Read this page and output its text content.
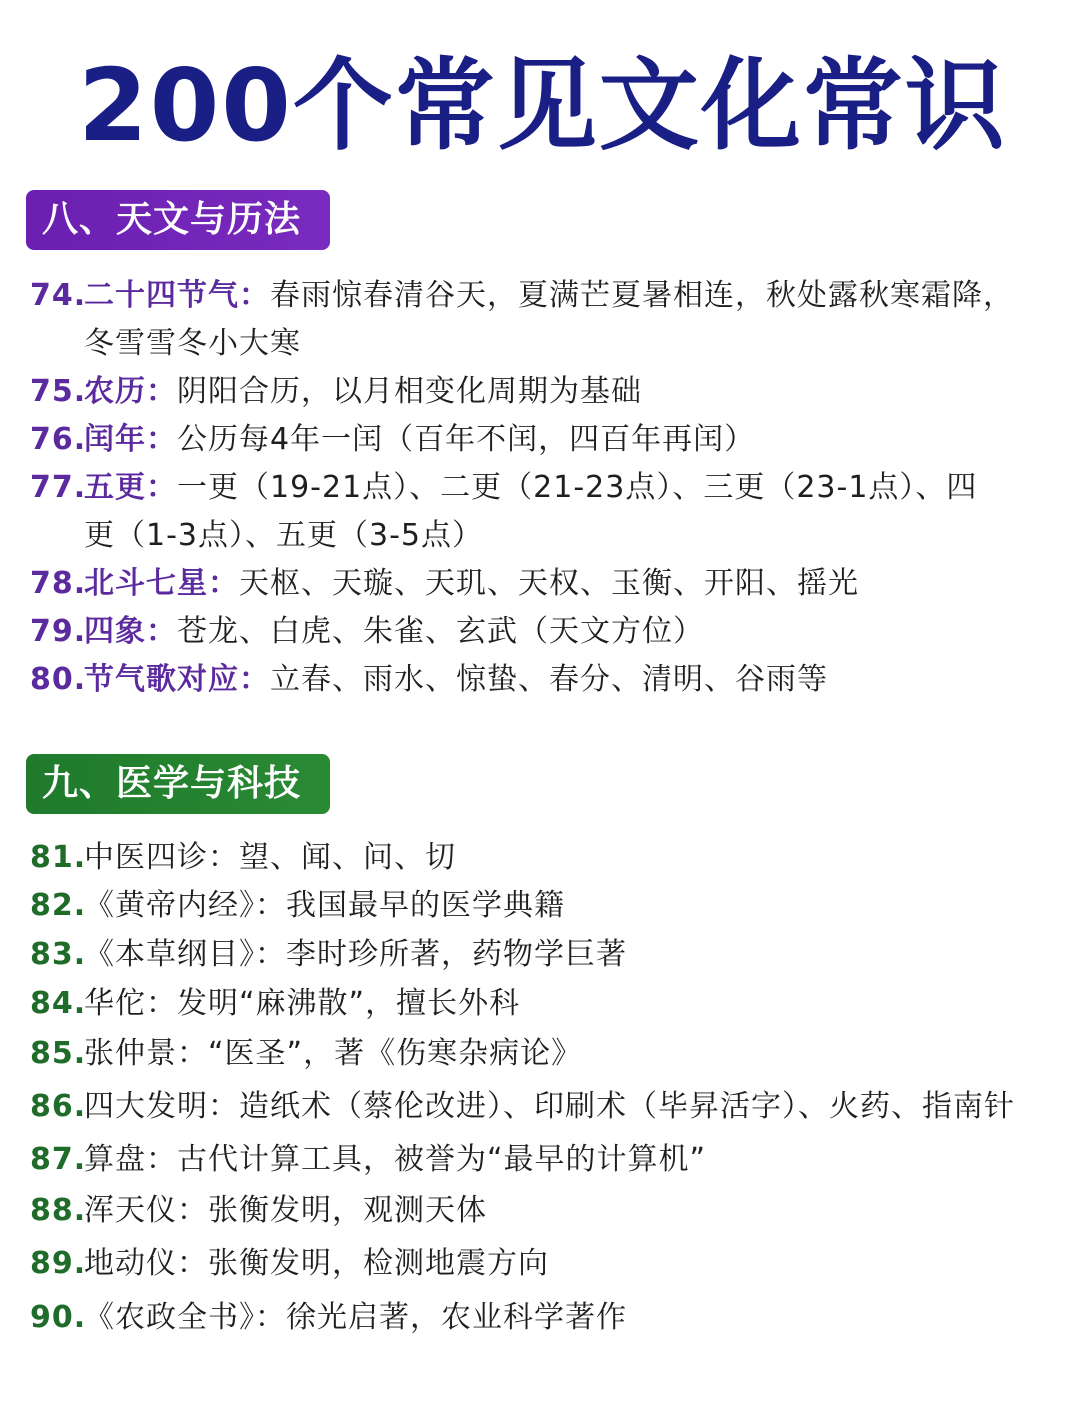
200个常见文化常识
八、天文与历法
74.二十四节气：春雨惊春清谷天，夏满芒夏暑相连，秋处露秋寒霜降，
冬雪雪冬小大寒
75.农历：阴阳合历，以月相变化周期为基础
76.闰年：公历每4年一闰（百年不闰，四百年再闰）
77.五更：一更（19-21点）、二更（21-23点）、三更（23-1点）、四
更（1-3点）、五更（3-5点）
78.北斗七星：天枢、天璇、天玑、天权、玉衡、开阳、摇光
79.四象：苍龙、白虎、朱雀、玄武（天文方位）
80.节气歌对应：立春、雨水、惊蛰、春分、清明、谷雨等
九、医学与科技
81.中医四诊：望、闻、问、切
82.《黄帝内经》：我国最早的医学典籍
83.《本草纲目》：李时珍所著，药物学巨著
84.华佗：发明“麻沸散”，擅长外科
85.张仲景：“医圣”，著《伤寒杂病论》
86.四大发明：造纸术（蔡伦改进）、印刷术（毕昇活字）、火药、指南针
87.算盘：古代计算工具，被誉为“最早的计算机”
88.浑天仪：张衡发明，观测天体
89.地动仪：张衡发明，检测地震方向
90.《农政全书》：徐光启著，农业科学著作
